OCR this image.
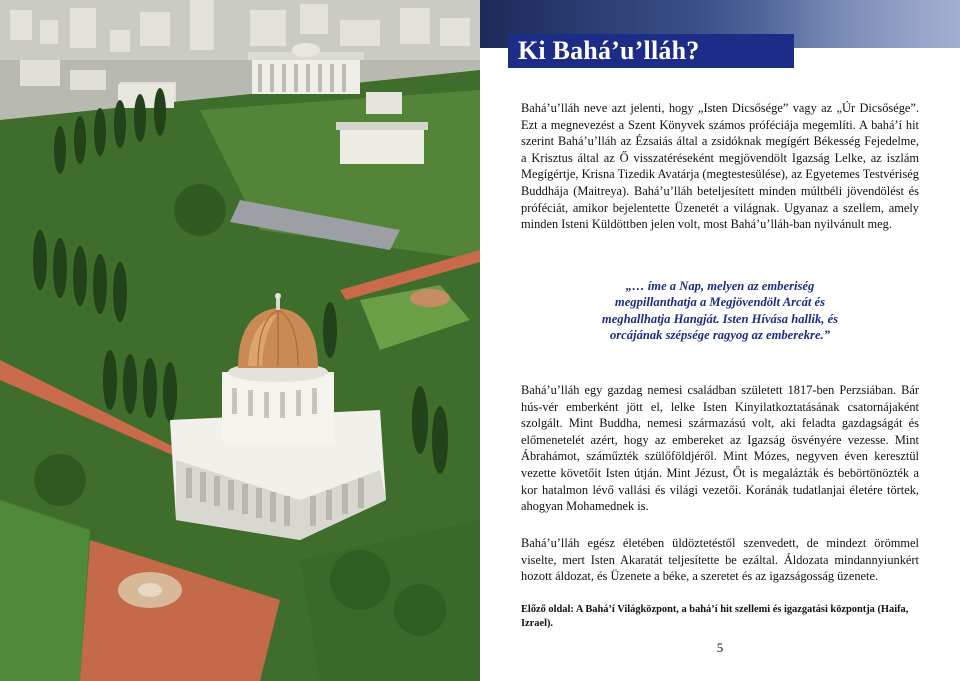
Ki Bahá’u’lláh?

Bahá’u’lláh neve azt jelenti, hogy „Isten Dicsősége” vagy az „Úr Dicsősége”. Ezt a megnevezést a Szent Könyvek számos próféciája megemlíti. A bahá’í hit szerint Bahá’u’lláh az Ézsaiás által a zsidóknak megígért Békesség Fejedelme, a Krisztus által az Ő visszatéréseként megjövendölt Igazság Lelke, az iszlám Megígértje, Krisna Tizedik Avatárja (megtestesülése), az Egyetemes Testvériség Buddhája (Maitreya). Bahá’u’lláh beteljesített minden múltbéli jövendölést és próféciát, amikor bejelentette Üzenetét a világnak. Ugyanaz a szellem, amely minden Isteni Küldöttben jelen volt, most Bahá’u’lláh-ban nyilvánult meg.

„… íme a Nap, melyen az emberiség megpillanthatja a Megjövendölt Arcát és meghallhatja Hangját. Isten Hívása hallik, és orcájának szépsége ragyog az emberekre.”

Bahá’u’lláh egy gazdag nemesi családban született 1817-ben Perzsiában. Bár hús-vér emberként jött el, lelke Isten Kinyilatkoztatásának csatornájaként szolgált. Mint Buddha, nemesi származású volt, aki feladta gazdagságát és előmenetelét azért, hogy az embereket az Igazság ösvényére vezesse. Mint Ábrahámot, száműzték szülőföldjéről. Mint Mózes, negyven éven keresztül vezette követőit Isten útján. Mint Jézust, Őt is megalázták és bebörtönözték a kor hatalmon lévő vallási és világi vezetői. Koránák tudatlanjai életére törtek, ahogyan Mohamednek is.

Bahá’u’lláh egész életében üldöztetéstől szenvedett, de mindezt örömmel viselte, mert Isten Akaratát teljesítette be ezáltal. Áldozata mindannyiunkért hozott áldozat, és Üzenete a béke, a szeretet és az igazságosság üzenete.

Előző oldal: A Bahá’í Világközpont, a bahá’í hit szellemi és igazgatási központja (Haifa, Izrael).

5
